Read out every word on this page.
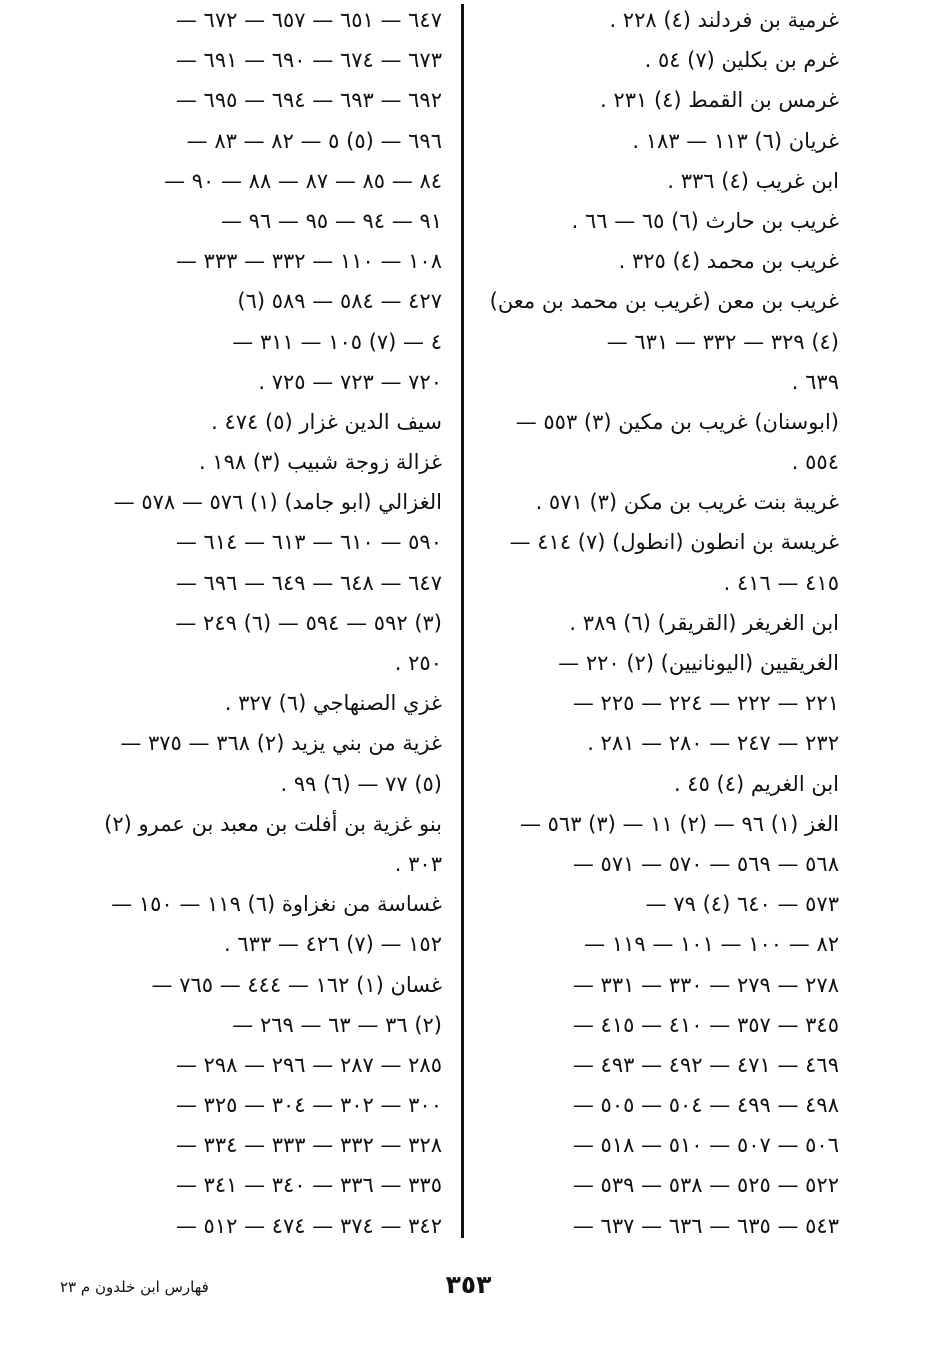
غرمية بن فردلند (٤) ٢٢٨ .
غرم بن بكلين (٧) ٥٤ .
غرمس بن القمط (٤) ٢٣١ .
غريان (٦) ١١٣ — ١٨٣ .
ابن غريب (٤) ٣٣٦ .
غريب بن حارث (٦) ٦٥ — ٦٦ .
غريب بن محمد (٤) ٣٢٥ .
غريب بن معن (غريب بن محمد بن معن)
(٤) ٣٢٩ — ٣٣٢ — ٦٣١ —
٦٣٩ .
(ابوسنان) غريب بن مكين (٣) ٥٥٣ —
٥٥٤ .
غريبة بنت غريب بن مكن (٣) ٥٧١ .
غريسة بن انطون (انطول) (٧) ٤١٤ —
٤١٥ — ٤١٦ .
ابن الغريغر (القريقر) (٦) ٣٨٩ .
الغريقيين (اليونانيين) (٢) ٢٢٠ —
٢٢١ — ٢٢٢ — ٢٢٤ — ٢٢٥ —
٢٣٢ — ٢٤٧ — ٢٨٠ — ٢٨١ .
ابن الغريم (٤) ٤٥ .
الغز (١) ٩٦ — (٢) ١١ — (٣) ٥٦٣ —
٥٦٨ — ٥٦٩ — ٥٧٠ — ٥٧١ —
٥٧٣ — ٦٤٠ (٤) ٧٩ —
٨٢ — ١٠٠ — ١٠١ — ١١٩ —
٢٧٨ — ٢٧٩ — ٣٣٠ — ٣٣١ —
٣٤٥ — ٣٥٧ — ٤١٠ — ٤١٥ —
٤٦٩ — ٤٧١ — ٤٩٢ — ٤٩٣ —
٤٩٨ — ٤٩٩ — ٥٠٤ — ٥٠٥ —
٥٠٦ — ٥٠٧ — ٥١٠ — ٥١٨ —
٥٢٢ — ٥٢٥ — ٥٣٨ — ٥٣٩ —
٥٤٣ — ٦٣٥ — ٦٣٦ — ٦٣٧ —
٦٤٧ — ٦٥١ — ٦٥٧ — ٦٧٢ —
٦٧٣ — ٦٧٤ — ٦٩٠ — ٦٩١ —
٦٩٢ — ٦٩٣ — ٦٩٤ — ٦٩٥ —
٦٩٦ — (٥) ٥ — ٨٢ — ٨٣ —
٨٤ — ٨٥ — ٨٧ — ٨٨ — ٩٠ —
٩١ — ٩٤ — ٩٥ — ٩٦ —
١٠٨ — ١١٠ — ٣٣٢ — ٣٣٣ —
٤٢٧ — ٥٨٤ — ٥٨٩ (٦)
٤ — (٧) ١٠٥ — ٣١١ —
٧٢٠ — ٧٢٣ — ٧٢٥ .
سيف الدين غزار (٥) ٤٧٤ .
غزالة زوجة شبيب (٣) ١٩٨ .
الغزالي (ابو جامد) (١) ٥٧٦ — ٥٧٨ —
٥٩٠ — ٦١٠ — ٦١٣ — ٦١٤ —
٦٤٧ — ٦٤٨ — ٦٤٩ — ٦٩٦ —
(٣) ٥٩٢ — ٥٩٤ — (٦) ٢٤٩ —
٢٥٠ .
غزي الصنهاجي (٦) ٣٢٧ .
غزية من بني يزيد (٢) ٣٦٨ — ٣٧٥ —
(٥) ٧٧ — (٦) ٩٩ .
بنو غزية بن أفلت بن معبد بن عمرو (٢)
٣٠٣ .
غساسة من نغزاوة (٦) ١١٩ — ١٥٠ —
١٥٢ — (٧) ٤٢٦ — ٦٣٣ .
غسان (١) ١٦٢ — ٤٤٤ — ٧٦٥ —
(٢) ٣٦ — ٦٣ — ٢٦٩ —
٢٨٥ — ٢٨٧ — ٢٩٦ — ٢٩٨ —
٣٠٠ — ٣٠٢ — ٣٠٤ — ٣٢٥ —
٣٢٨ — ٣٣٢ — ٣٣٣ — ٣٣٤ —
٣٣٥ — ٣٣٦ — ٣٤٠ — ٣٤١ —
٣٤٢ — ٣٧٤ — ٤٧٤ — ٥١٢ —
٣٥٣
فهارس ابن خلدون م ٢٣
